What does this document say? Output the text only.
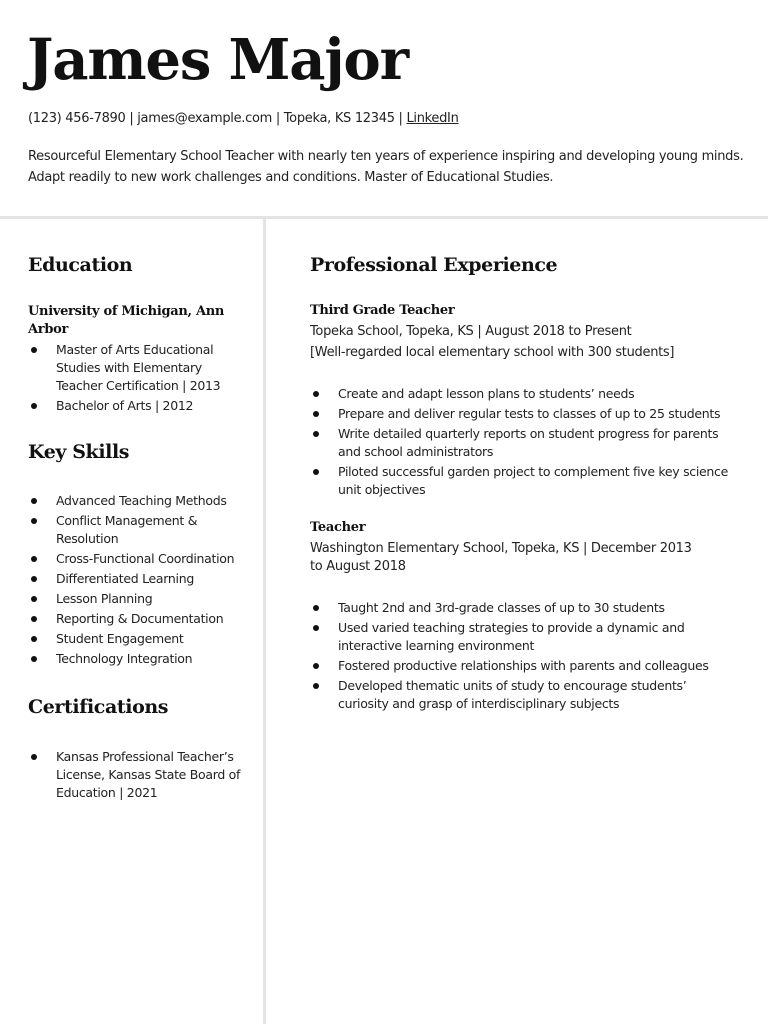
James Major
(123) 456-7890 | james@example.com | Topeka, KS 12345 | LinkedIn
Resourceful Elementary School Teacher with nearly ten years of experience inspiring and developing young minds.
Adapt readily to new work challenges and conditions. Master of Educational Studies.
Education
University of Michigan, Ann Arbor
Master of Arts Educational Studies with Elementary Teacher Certification | 2013
Bachelor of Arts | 2012
Key Skills
Advanced Teaching Methods
Conflict Management & Resolution
Cross-Functional Coordination
Differentiated Learning
Lesson Planning
Reporting & Documentation
Student Engagement
Technology Integration
Certifications
Kansas Professional Teacher’s License, Kansas State Board of Education | 2021
Professional Experience
Third Grade Teacher
Topeka School, Topeka, KS | August 2018 to Present
[Well-regarded local elementary school with 300 students]
Create and adapt lesson plans to students’ needs
Prepare and deliver regular tests to classes of up to 25 students
Write detailed quarterly reports on student progress for parents and school administrators
Piloted successful garden project to complement five key science unit objectives
Teacher
Washington Elementary School, Topeka, KS | December 2013 to August 2018
Taught 2nd and 3rd-grade classes of up to 30 students
Used varied teaching strategies to provide a dynamic and interactive learning environment
Fostered productive relationships with parents and colleagues
Developed thematic units of study to encourage students’ curiosity and grasp of interdisciplinary subjects
